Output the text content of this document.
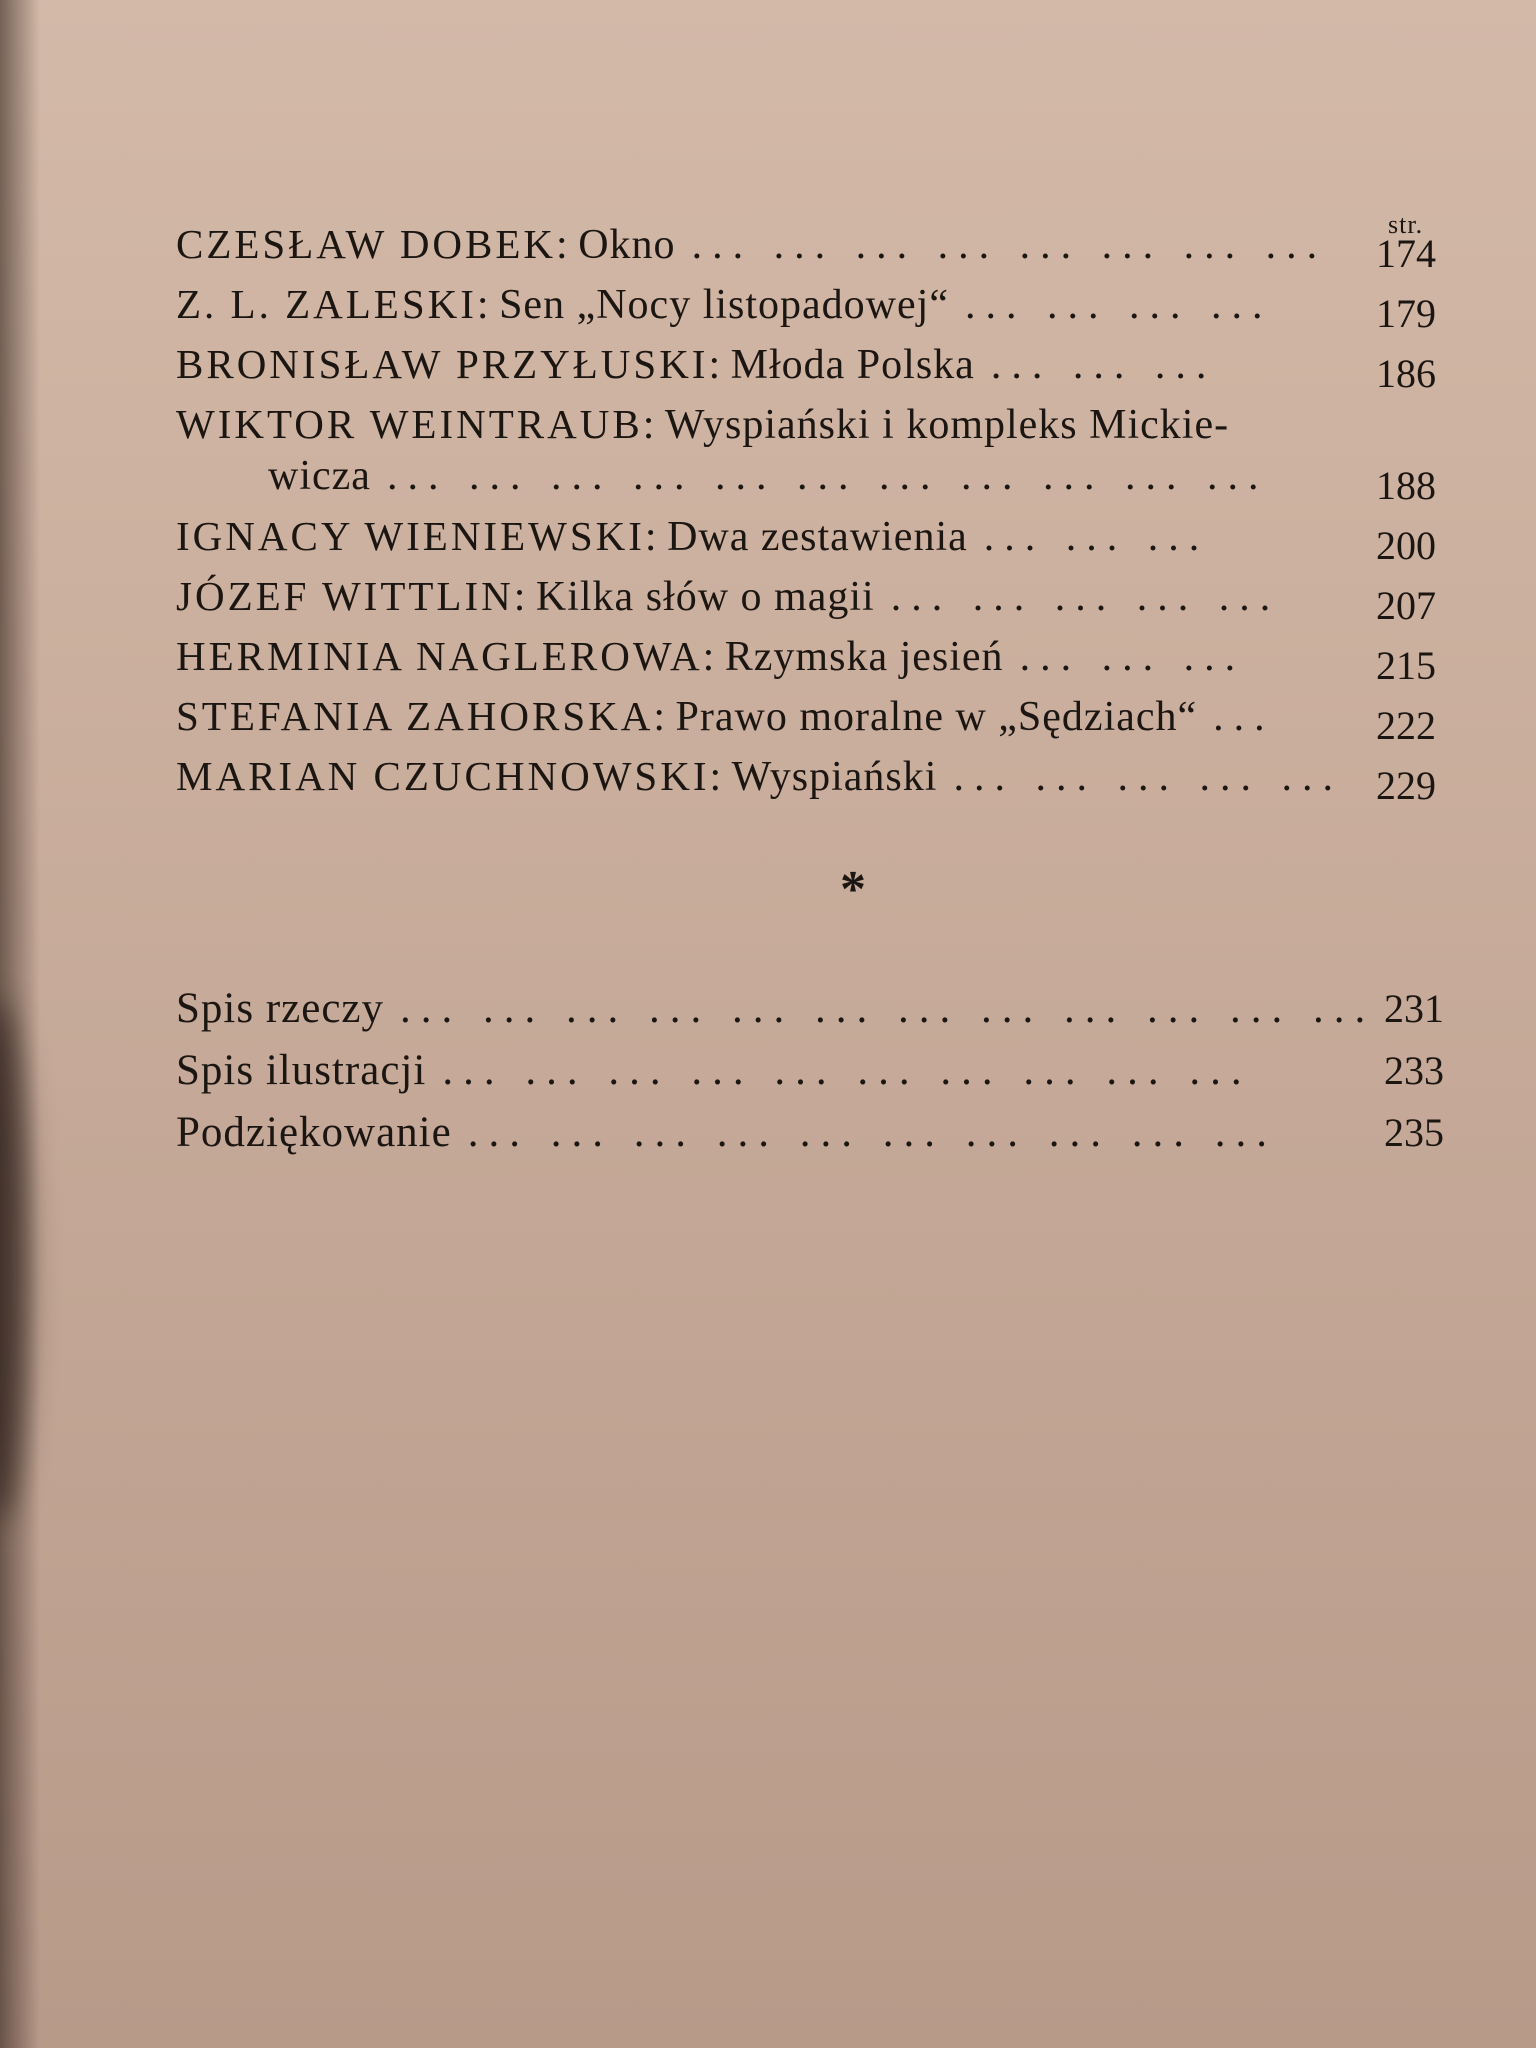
str.
CZESŁAW DOBEK: Okno ... ... ... ... ... ... ... ... 174
Z. L. ZALESKI: Sen „Nocy listopadowej“ ... ... ... ...	179
BRONISŁAW PRZYŁUSKI: Młoda Polska ... ... ...	186
WIKTOR WEINTRAUB: Wyspiański i kompleks Mickie-
wicza ... ... ... ... ... ... ... ... ... ... ...	188
IGNACY WIENIEWSKI: Dwa zestawienia ... ... ...	200
JÓZEF WITTLIN: Kilka słów o magii ... ... ... ... ... 207
HERMINIA NAGLEROWA: Rzymska jesień ... ... ...	215
STEFANIA ZAHORSKA: Prawo moralne w „Sędziach“ ...	222
MARIAN CZUCHNOWSKI: Wyspiański ... ... ... ... ... 229
*
Spis rzeczy ... ... ... ... ... ... ... ... ... ... ... ... 231
Spis ilustracji ... ... ... ... ... ... ... ... ... ...	233
Podziękowanie ... ... ... ... ... ... ... ... ... ...	235
